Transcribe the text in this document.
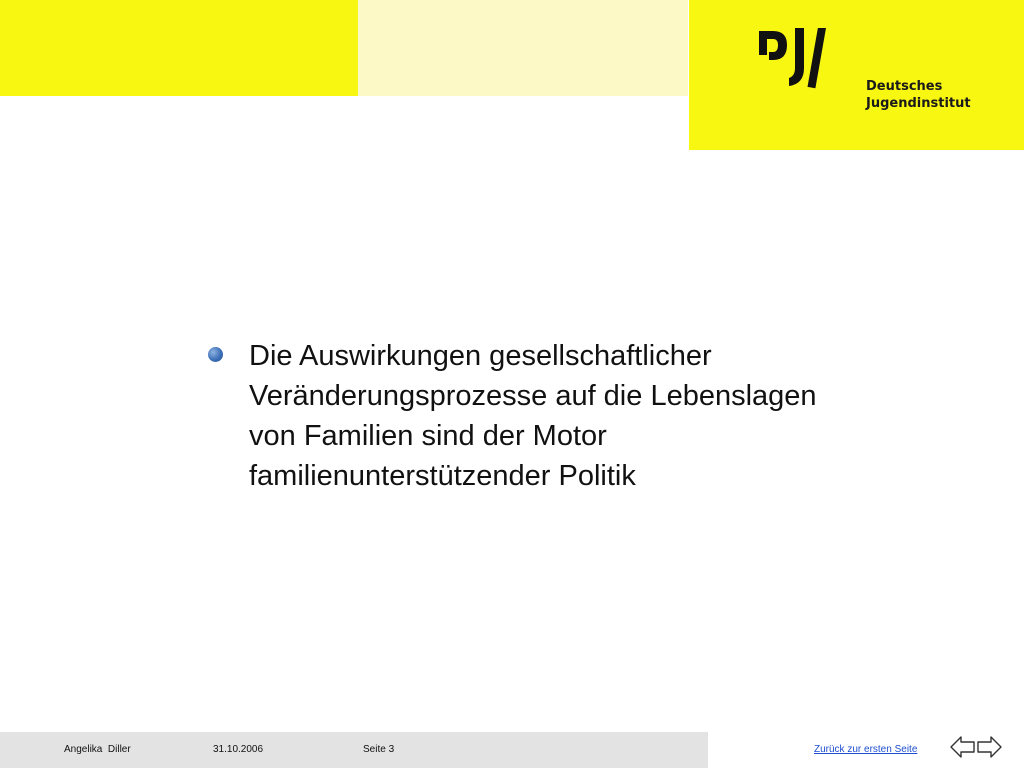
Deutsches
Jugendinstitut
Die Auswirkungen gesellschaftlicher
Veränderungsprozesse auf die Lebenslagen
von Familien sind der Motor
familienunterstützender Politik
Angelika  Diller	31.10.2006	Seite 3	Zurück zur ersten Seite
